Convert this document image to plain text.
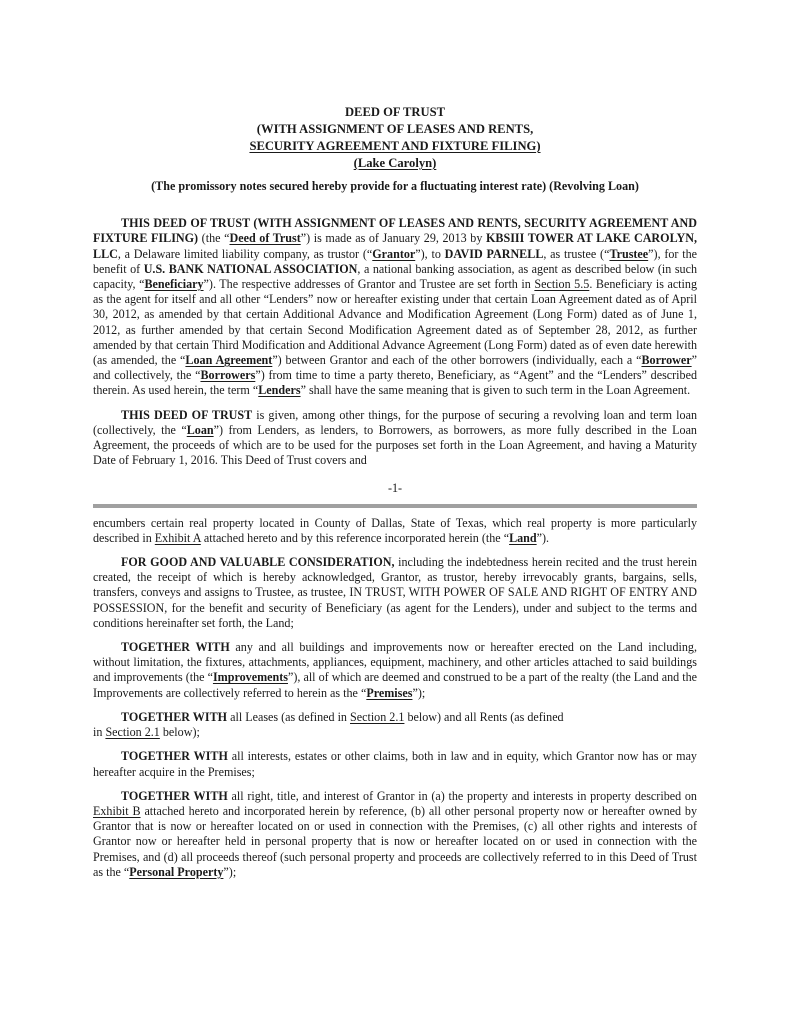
DEED OF TRUST
(WITH ASSIGNMENT OF LEASES AND RENTS,
SECURITY AGREEMENT AND FIXTURE FILING)
(Lake Carolyn)
(The promissory notes secured hereby provide for a fluctuating interest rate) (Revolving Loan)

THIS DEED OF TRUST (WITH ASSIGNMENT OF LEASES AND RENTS, SECURITY AGREEMENT AND FIXTURE FILING) (the “Deed of Trust”) is made as of January 29, 2013 by KBSIII TOWER AT LAKE CAROLYN, LLC, a Delaware limited liability company, as trustor (“Grantor”), to DAVID PARNELL, as trustee (“Trustee”), for the benefit of U.S. BANK NATIONAL ASSOCIATION, a national banking association, as agent as described below (in such capacity, “Beneficiary”). The respective addresses of Grantor and Trustee are set forth in Section 5.5. Beneficiary is acting as the agent for itself and all other “Lenders” now or hereafter existing under that certain Loan Agreement dated as of April 30, 2012, as amended by that certain Additional Advance and Modification Agreement (Long Form) dated as of June 1, 2012, as further amended by that certain Second Modification Agreement dated as of September 28, 2012, as further amended by that certain Third Modification and Additional Advance Agreement (Long Form) dated as of even date herewith (as amended, the “Loan Agreement”) between Grantor and each of the other borrowers (individually, each a “Borrower” and collectively, the “Borrowers”) from time to time a party thereto, Beneficiary, as “Agent” and the “Lenders” described therein. As used herein, the term “Lenders” shall have the same meaning that is given to such term in the Loan Agreement.

THIS DEED OF TRUST is given, among other things, for the purpose of securing a revolving loan and term loan (collectively, the “Loan”) from Lenders, as lenders, to Borrowers, as borrowers, as more fully described in the Loan Agreement, the proceeds of which are to be used for the purposes set forth in the Loan Agreement, and having a Maturity Date of February 1, 2016. This Deed of Trust covers and

-1-

encumbers certain real property located in County of Dallas, State of Texas, which real property is more particularly described in Exhibit A attached hereto and by this reference incorporated herein (the “Land”).

FOR GOOD AND VALUABLE CONSIDERATION, including the indebtedness herein recited and the trust herein created, the receipt of which is hereby acknowledged, Grantor, as trustor, hereby irrevocably grants, bargains, sells, transfers, conveys and assigns to Trustee, as trustee, IN TRUST, WITH POWER OF SALE AND RIGHT OF ENTRY AND POSSESSION, for the benefit and security of Beneficiary (as agent for the Lenders), under and subject to the terms and conditions hereinafter set forth, the Land;

TOGETHER WITH any and all buildings and improvements now or hereafter erected on the Land including, without limitation, the fixtures, attachments, appliances, equipment, machinery, and other articles attached to said buildings and improvements (the “Improvements”), all of which are deemed and construed to be a part of the realty (the Land and the Improvements are collectively referred to herein as the “Premises”);

TOGETHER WITH all Leases (as defined in Section 2.1 below) and all Rents (as defined
in Section 2.1 below);

TOGETHER WITH all interests, estates or other claims, both in law and in equity, which Grantor now has or may hereafter acquire in the Premises;

TOGETHER WITH all right, title, and interest of Grantor in (a) the property and interests in property described on Exhibit B attached hereto and incorporated herein by reference, (b) all other personal property now or hereafter owned by Grantor that is now or hereafter located on or used in connection with the Premises, (c) all other rights and interests of Grantor now or hereafter held in personal property that is now or hereafter located on or used in connection with the Premises, and (d) all proceeds thereof (such personal property and proceeds are collectively referred to in this Deed of Trust as the “Personal Property”);
